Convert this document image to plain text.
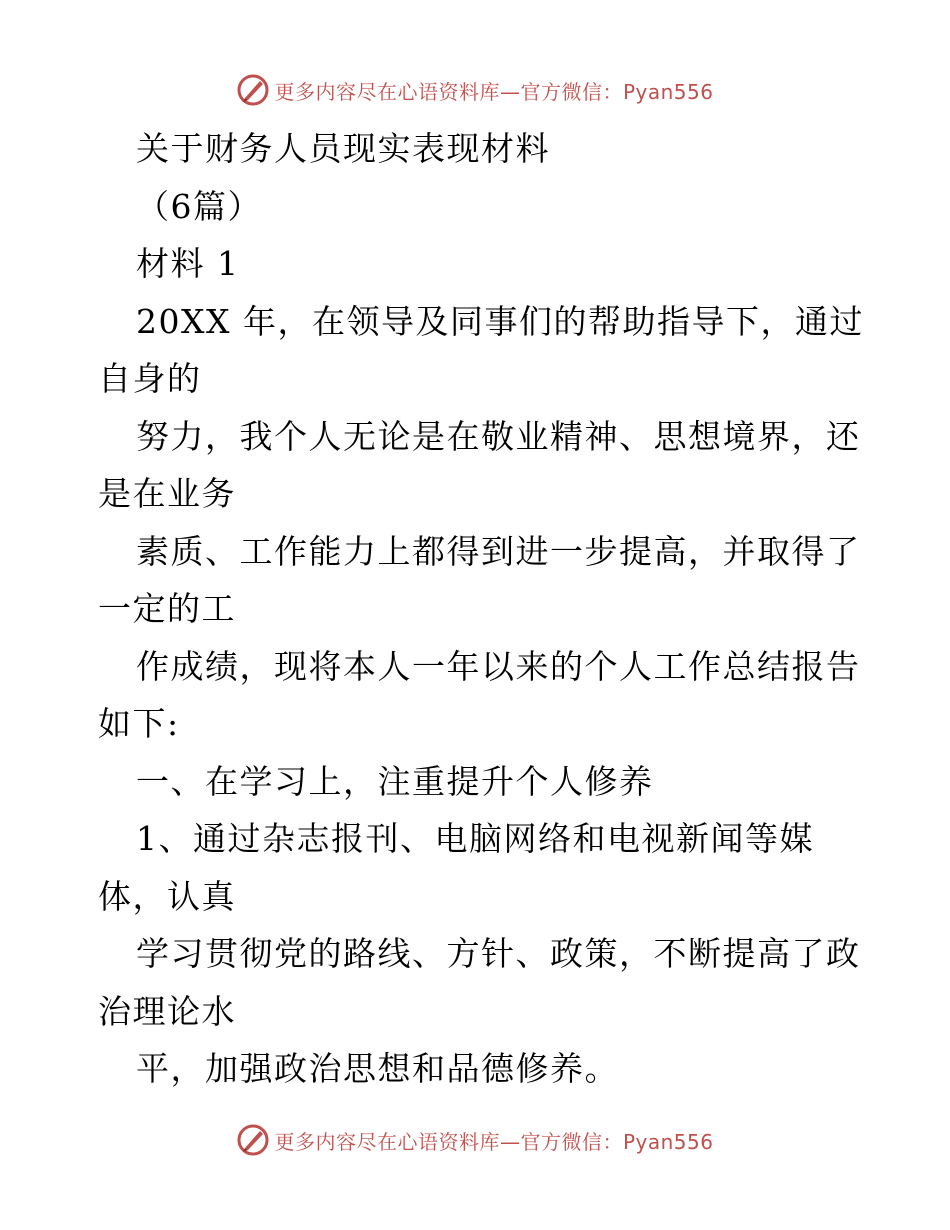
更多内容尽在心语资料库—官方微信：Pyan556
关于财务人员现实表现材料
（6篇）
材料 1
20XX 年，在领导及同事们的帮助指导下，通过
自身的
努力，我个人无论是在敬业精神、思想境界，还
是在业务
素质、工作能力上都得到进一步提高，并取得了
一定的工
作成绩，现将本人一年以来的个人工作总结报告
如下:
一、在学习上，注重提升个人修养
1、通过杂志报刊、电脑网络和电视新闻等媒
体，认真
学习贯彻党的路线、方针、政策，不断提高了政
治理论水
平，加强政治思想和品德修养。
更多内容尽在心语资料库—官方微信：Pyan556
